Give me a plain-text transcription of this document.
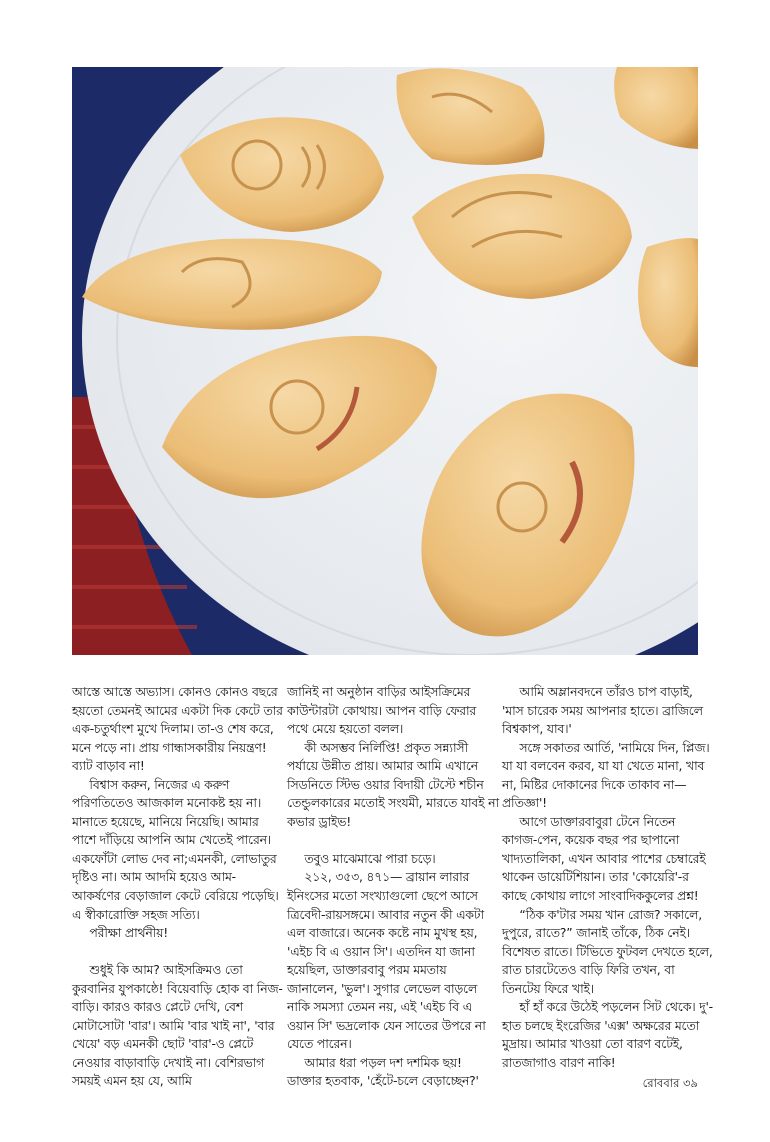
আস্তে আস্তে অভ্যাস। কোনও কোনও বছরে হয়তো তেমনই আমের একটা দিক কেটে তার এক-চতুর্থাংশ মুখে দিলাম। তা-ও শেষ করে, মনে পড়ে না। প্রায় গান্ধাসকারীয় নিয়ন্ত্রণ! ব্যাট বাড়াব না!

বিশ্বাস করুন, নিজের এ করুণ পরিণতিতেও আজকাল মনোকষ্ট হয় না। মানাতে হয়েছে, মানিয়ে নিয়েছি। আমার পাশে দাঁড়িয়ে আপনি আম খেতেই পারেন। একফোঁটা লোভ দেব না;এমনকী, লোভাতুর দৃষ্টিও না। আম আদমি হয়েও আম-আকর্ষণের বেড়াজাল কেটে বেরিয়ে পড়েছি। এ স্বীকারোক্তি সহজ সত্যি।

পরীক্ষা প্রার্থনীয়!

শুধুই কি আম? আইসক্রিমও তো কুরবানির যুপকাষ্ঠে! বিয়েবাড়ি হোক বা নিজ-বাড়ি। কারও কারও প্লেটে দেখি, বেশ মোটাসোটা 'বার'। আমি 'বার খাই না', 'বার খেয়ে' বড় এমনকী ছোট 'বার'-ও প্লেটে নেওয়ার বাড়াবাড়ি দেখাই না। বেশিরভাগ সময়ই এমন হয় যে, আমি

জানিই না অনুষ্ঠান বাড়ির আইসক্রিমের কাউন্টারটা কোথায়। আপন বাড়ি ফেরার পথে মেয়ে হয়তো বলল।

কী অসম্ভব নির্লিপ্তি! প্রকৃত সন্ন্যাসী পর্যায়ে উন্নীত প্রায়। আমার আমি এখানে সিডনিতে স্টিভ ওয়ার বিদায়ী টেস্টে শচীন তেন্ডুলকারের মতোই সংযমী, মারতে যাবই না কভার ড্রাইভ!

তবুও মাঝেমাঝে পারা চড়ে।

২১২, ৩৫৩, ৪৭১— ব্রায়ান লারার ইনিংসের মতো সংখ্যাগুলো ছেপে আসে ত্রিবেদী-রায়সঙ্গমে। আবার নতুন কী একটা এল বাজারে। অনেক কষ্টে নাম মুখস্থ হয়, 'এইচ বি এ ওয়ান সি'। এতদিন যা জানা হয়েছিল, ডাক্তারবাবু পরম মমতায় জানালেন, 'ভুল'। সুগার লেভেল বাড়লে নাকি সমস্যা তেমন নয়, এই 'এইচ বি এ ওয়ান সি' ভদ্রলোক যেন সাতের উপরে না যেতে পারেন।

আমার ধরা পড়ল দশ দশমিক ছয়! ডাক্তার হতবাক, 'হেঁটে-চলে বেড়াচ্ছেন?'

আমি অম্লানবদনে তাঁরও চাপ বাড়াই, 'মাস চারেক সময় আপনার হাতে। ব্রাজিলে বিশ্বকাপ, যাব।'

সঙ্গে সকাতর আর্তি, 'নামিয়ে দিন, প্লিজ। যা যা বলবেন করব, যা যা খেতে মানা, খাব না, মিষ্টির দোকানের দিকে তাকাব না— প্রতিজ্ঞা'!

আগে ডাক্তারবাবুরা টেনে নিতেন কাগজ-পেন, কয়েক বছর পর ছাপানো খাদ্যতালিকা, এখন আবার পাশের চেম্বারেই থাকেন ডায়েটিশিয়ান। তার 'কোয়েরি'-র কাছে কোথায় লাগে সাংবাদিককুলের প্রশ্ন!

“ঠিক ক'টার সময় খান রোজ? সকালে, দুপুরে, রাতে?” জানাই তাঁকে, ঠিক নেই। বিশেষত রাতে। টিভিতে ফুটবল দেখতে হলে, রাত চারটেতেও বাড়ি ফিরি তখন, বা তিনটেয় ফিরে খাই।

হাঁ হাঁ করে উঠেই পড়লেন সিট থেকে। দু'-হাত চলছে ইংরেজির 'এক্স' অক্ষরের মতো মুদ্রায়। আমার খাওয়া তো বারণ বটেই, রাতজাগাও বারণ নাকি!

রোববার ৩৯
